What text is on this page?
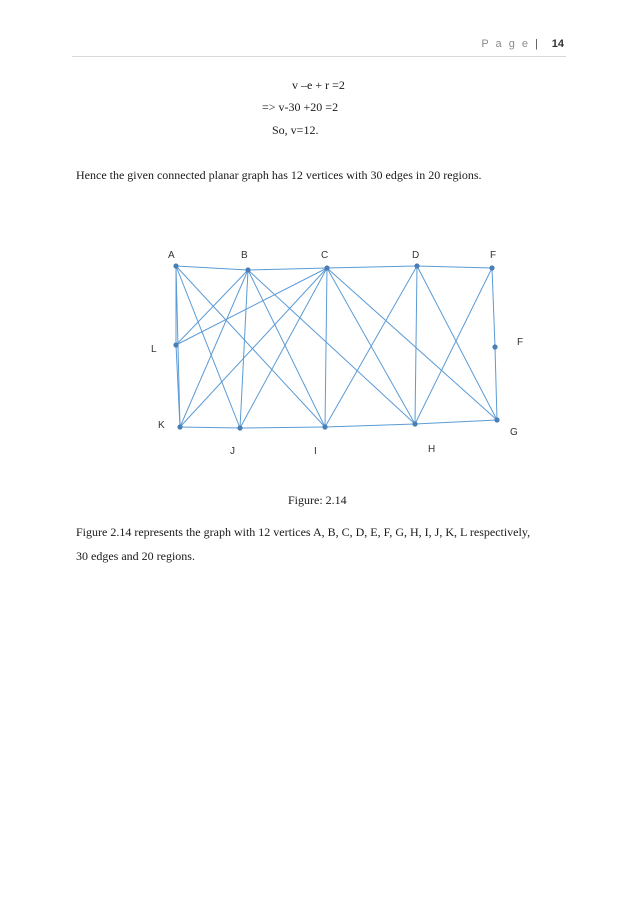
P a g e | 14
v –e + r =2
=> v-30 +20 =2
So, v=12.
Hence the given connected planar graph has 12 vertices with 30 edges in 20 regions.
A	B	C	D	F
F
G
H
I
J
K
L
Figure: 2.14
Figure 2.14 represents the graph with 12 vertices A, B, C, D, E, F, G, H, I, J, K, L respectively,
30 edges and 20 regions.
